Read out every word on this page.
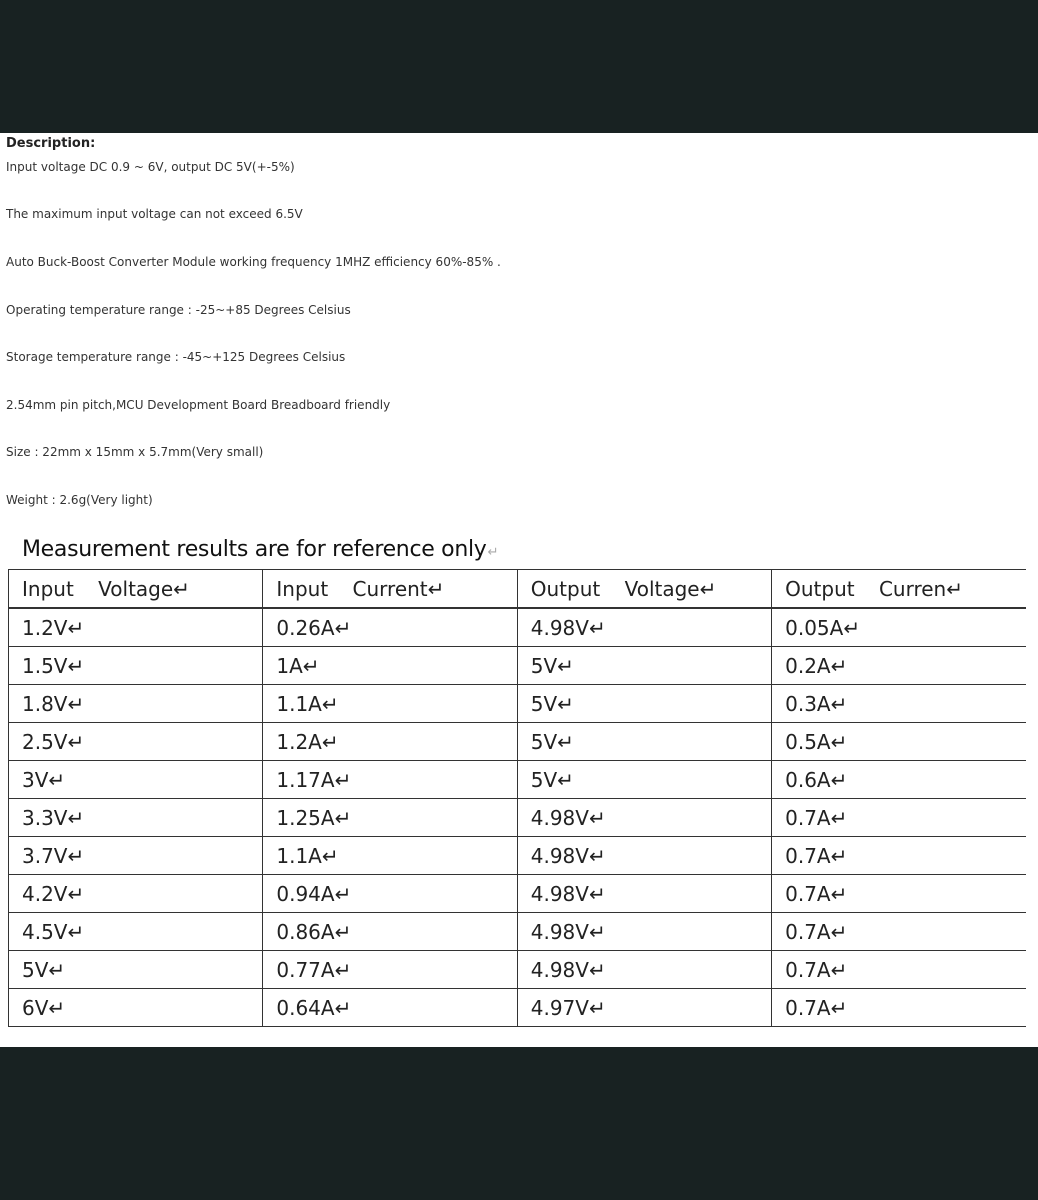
Description:
Input voltage DC 0.9 ~ 6V, output DC 5V(+-5%)
The maximum input voltage can not exceed 6.5V
Auto Buck-Boost Converter Module working frequency 1MHZ efficiency 60%-85% .
Operating temperature range : -25~+85 Degrees Celsius
Storage temperature range : -45~+125 Degrees Celsius
2.54mm pin pitch,MCU Development Board Breadboard friendly
Size : 22mm x 15mm x 5.7mm(Very small)
Weight : 2.6g(Very light)
Measurement results are for reference only↵
Input Voltage↵	Input Current↵	Output Voltage↵	Output Curren↵
1.2V↵	0.26A↵	4.98V↵	0.05A↵
1.5V↵	1A↵	5V↵	0.2A↵
1.8V↵	1.1A↵	5V↵	0.3A↵
2.5V↵	1.2A↵	5V↵	0.5A↵
3V↵	1.17A↵	5V↵	0.6A↵
3.3V↵	1.25A↵	4.98V↵	0.7A↵
3.7V↵	1.1A↵	4.98V↵	0.7A↵
4.2V↵	0.94A↵	4.98V↵	0.7A↵
4.5V↵	0.86A↵	4.98V↵	0.7A↵
5V↵	0.77A↵	4.98V↵	0.7A↵
6V↵	0.64A↵	4.97V↵	0.7A↵
